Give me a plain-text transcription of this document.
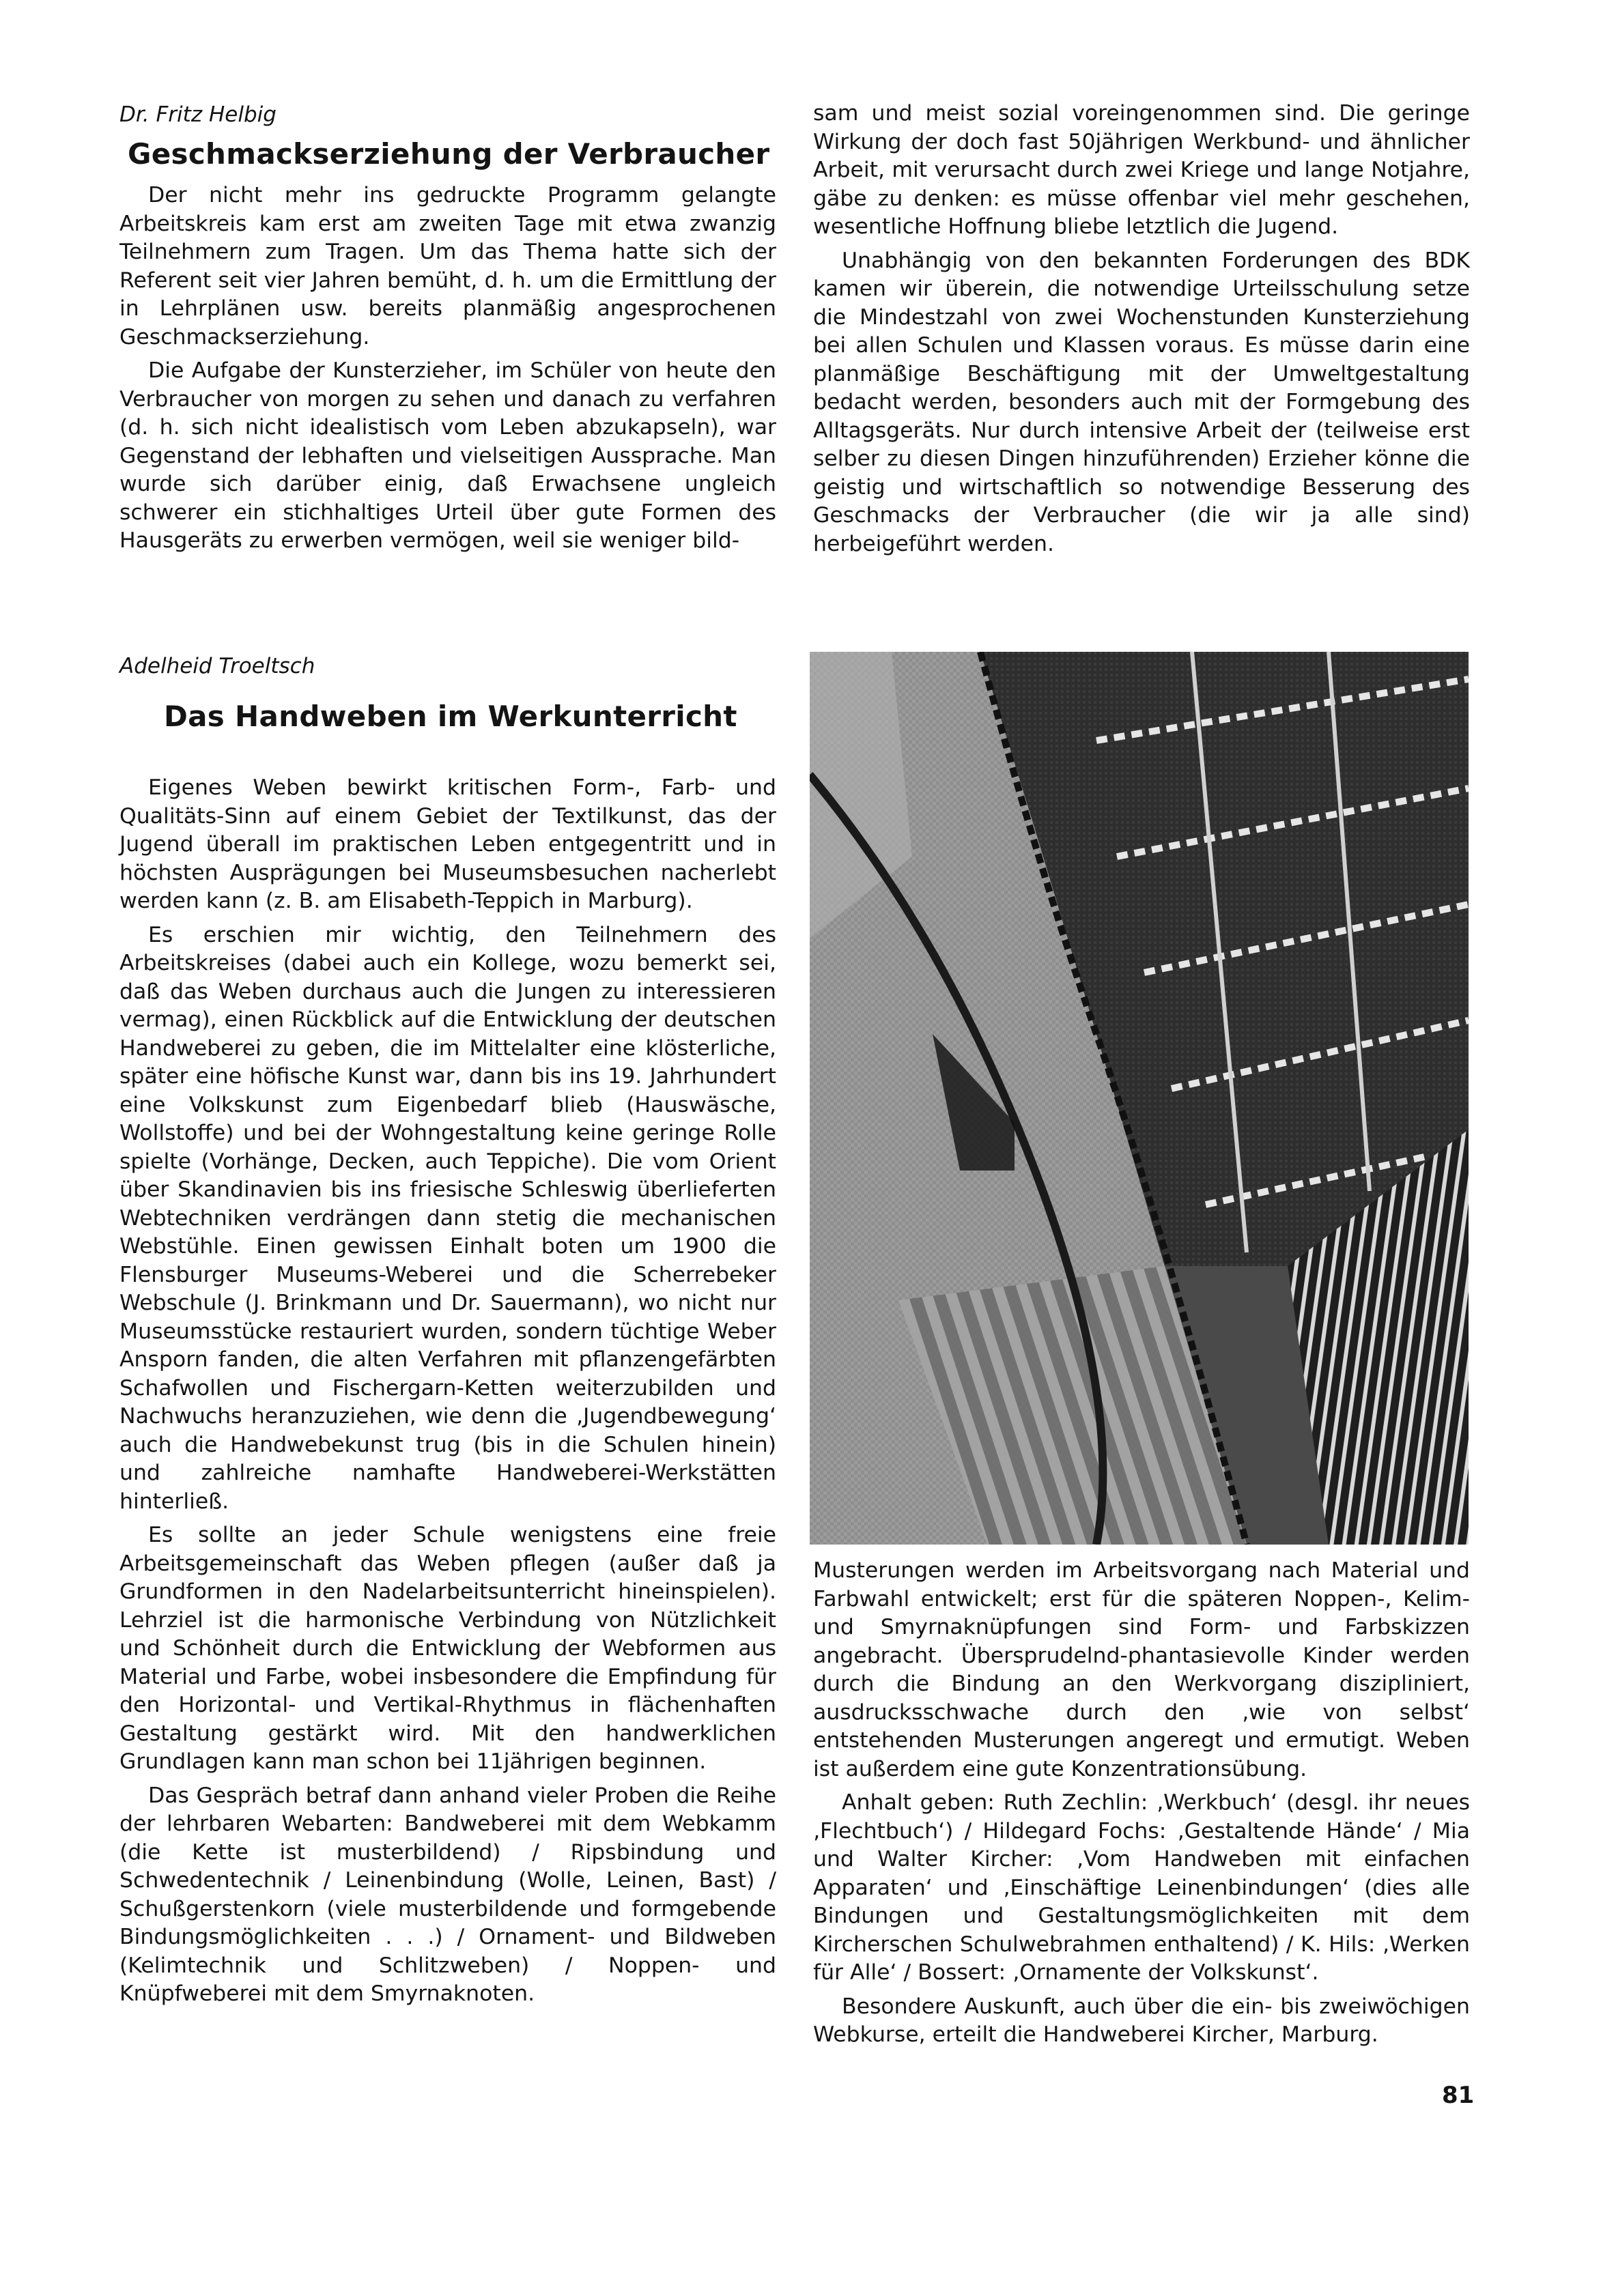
Dr. Fritz Helbig

Geschmackserziehung der Verbraucher

Der nicht mehr ins gedruckte Programm gelangte Arbeitskreis kam erst am zweiten Tage mit etwa zwanzig Teilnehmern zum Tragen. Um das Thema hatte sich der Referent seit vier Jahren bemüht, d. h. um die Ermittlung der in Lehrplänen usw. bereits planmäßig angesprochenen Geschmackserziehung.

Die Aufgabe der Kunsterzieher, im Schüler von heute den Verbraucher von morgen zu sehen und danach zu verfahren (d. h. sich nicht idealistisch vom Leben abzukapseln), war Gegenstand der lebhaften und vielseitigen Aussprache. Man wurde sich darüber einig, daß Erwachsene ungleich schwerer ein stichhaltiges Urteil über gute Formen des Hausgeräts zu erwerben vermögen, weil sie weniger bild-

sam und meist sozial voreingenommen sind. Die geringe Wirkung der doch fast 50jährigen Werkbund- und ähnlicher Arbeit, mit verursacht durch zwei Kriege und lange Notjahre, gäbe zu denken: es müsse offenbar viel mehr geschehen, wesentliche Hoffnung bliebe letztlich die Jugend.

Unabhängig von den bekannten Forderungen des BDK kamen wir überein, die notwendige Urteilsschulung setze die Mindestzahl von zwei Wochenstunden Kunsterziehung bei allen Schulen und Klassen voraus. Es müsse darin eine planmäßige Beschäftigung mit der Umweltgestaltung bedacht werden, besonders auch mit der Formgebung des Alltagsgeräts. Nur durch intensive Arbeit der (teilweise erst selber zu diesen Dingen hinzuführenden) Erzieher könne die geistig und wirtschaftlich so notwendige Besserung des Geschmacks der Verbraucher (die wir ja alle sind) herbeigeführt werden.

Adelheid Troeltsch

Das Handweben im Werkunterricht

Eigenes Weben bewirkt kritischen Form-, Farb- und Qualitäts-Sinn auf einem Gebiet der Textilkunst, das der Jugend überall im praktischen Leben entgegentritt und in höchsten Ausprägungen bei Museumsbesuchen nacherlebt werden kann (z. B. am Elisabeth-Teppich in Marburg).

Es erschien mir wichtig, den Teilnehmern des Arbeitskreises (dabei auch ein Kollege, wozu bemerkt sei, daß das Weben durchaus auch die Jungen zu interessieren vermag), einen Rückblick auf die Entwicklung der deutschen Handweberei zu geben, die im Mittelalter eine klösterliche, später eine höfische Kunst war, dann bis ins 19. Jahrhundert eine Volkskunst zum Eigenbedarf blieb (Hauswäsche, Wollstoffe) und bei der Wohngestaltung keine geringe Rolle spielte (Vorhänge, Decken, auch Teppiche). Die vom Orient über Skandinavien bis ins friesische Schleswig überlieferten Webtechniken verdrängen dann stetig die mechanischen Webstühle. Einen gewissen Einhalt boten um 1900 die Flensburger Museums-Weberei und die Scherrebeker Webschule (J. Brinkmann und Dr. Sauermann), wo nicht nur Museumsstücke restauriert wurden, sondern tüchtige Weber Ansporn fanden, die alten Verfahren mit pflanzengefärbten Schafwollen und Fischergarn-Ketten weiterzubilden und Nachwuchs heranzuziehen, wie denn die ‚Jugendbewegung‘ auch die Handwebekunst trug (bis in die Schulen hinein) und zahlreiche namhafte Handweberei-Werkstätten hinterließ.

Es sollte an jeder Schule wenigstens eine freie Arbeitsgemeinschaft das Weben pflegen (außer daß ja Grundformen in den Nadelarbeitsunterricht hineinspielen). Lehrziel ist die harmonische Verbindung von Nützlichkeit und Schönheit durch die Entwicklung der Webformen aus Material und Farbe, wobei insbesondere die Empfindung für den Horizontal- und Vertikal-Rhythmus in flächenhaften Gestaltung gestärkt wird. Mit den handwerklichen Grundlagen kann man schon bei 11jährigen beginnen.

Das Gespräch betraf dann anhand vieler Proben die Reihe der lehrbaren Webarten: Bandweberei mit dem Webkamm (die Kette ist musterbildend) / Ripsbindung und Schwedentechnik / Leinenbindung (Wolle, Leinen, Bast) / Schußgerstenkorn (viele musterbildende und formgebende Bindungsmöglichkeiten . . .) / Ornament- und Bildweben (Kelimtechnik und Schlitzweben) / Noppen- und Knüpfweberei mit dem Smyrnaknoten.

Musterungen werden im Arbeitsvorgang nach Material und Farbwahl entwickelt; erst für die späteren Noppen-, Kelim- und Smyrnaknüpfungen sind Form- und Farbskizzen angebracht. Übersprudelnd-phantasievolle Kinder werden durch die Bindung an den Werkvorgang diszipliniert, ausdrucksschwache durch den ‚wie von selbst‘ entstehenden Musterungen angeregt und ermutigt. Weben ist außerdem eine gute Konzentrationsübung.

Anhalt geben: Ruth Zechlin: ‚Werkbuch‘ (desgl. ihr neues ‚Flechtbuch‘) / Hildegard Fochs: ‚Gestaltende Hände‘ / Mia und Walter Kircher: ‚Vom Handweben mit einfachen Apparaten‘ und ‚Einschäftige Leinenbindungen‘ (dies alle Bindungen und Gestaltungsmöglichkeiten mit dem Kircherschen Schulwebrahmen enthaltend) / K. Hils: ‚Werken für Alle‘ / Bossert: ‚Ornamente der Volkskunst‘.

Besondere Auskunft, auch über die ein- bis zweiwöchigen Webkurse, erteilt die Handweberei Kircher, Marburg.

81
